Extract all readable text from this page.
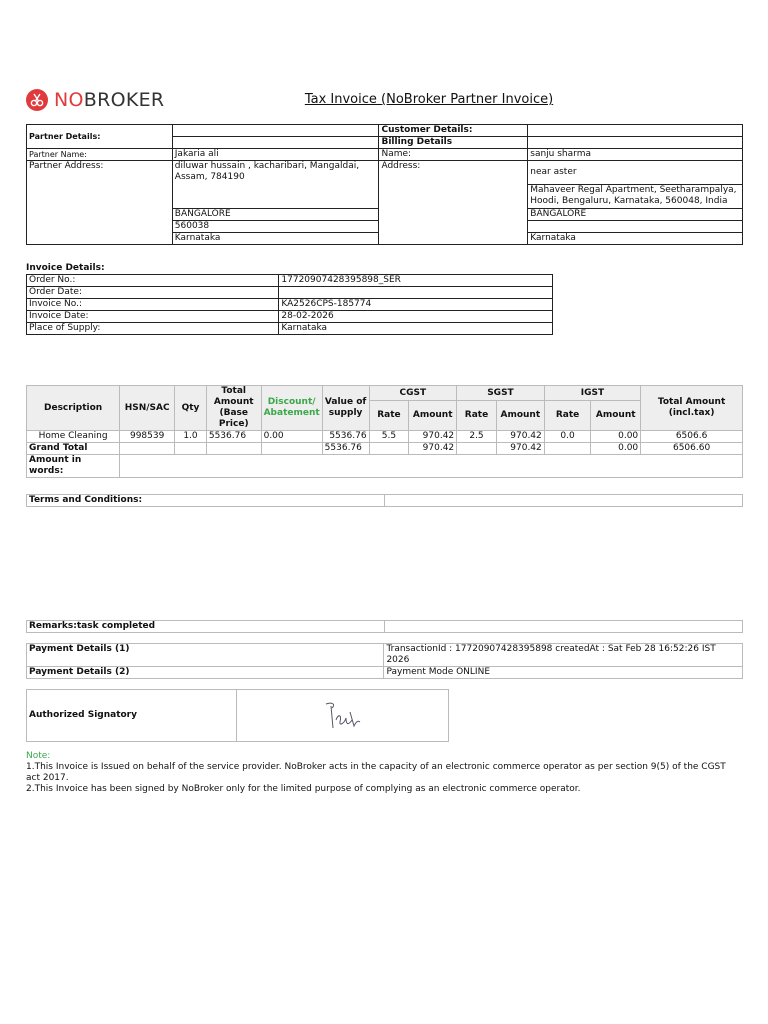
NOBROKER	Tax Invoice (NoBroker Partner Invoice)
Partner Details:		Customer Details:	
		Billing Details	
Partner Name:	Jakaria ali	Name:	sanju sharma
Partner Address:	diluwar hussain , kacharibari, Mangaldai, Assam, 784190	Address:	near aster
			Mahaveer Regal Apartment, Seetharampalya, Hoodi, Bengaluru, Karnataka, 560048, India
	BANGALORE		BANGALORE
	560038		
	Karnataka		Karnataka
Invoice Details:
Order No.:	17720907428395898_SER
Order Date:	
Invoice No.:	KA2526CPS-185774
Invoice Date:	28-02-2026
Place of Supply:	Karnataka
Description	HSN/SAC	Qty	Total Amount (Base Price)	Discount/ Abatement	Value of supply	CGST		SGST		IGST		Total Amount (incl.tax)
						Rate	Amount	Rate	Amount	Rate	Amount	
Home Cleaning	998539	1.0	5536.76	0.00	5536.76	5.5	970.42	2.5	970.42	0.0	0.00	6506.6
Grand Total					5536.76		970.42		970.42		0.00	6506.60
Amount in words:												
Terms and Conditions:	
Remarks:task completed	
Payment Details (1)	TransactionId : 17720907428395898 createdAt : Sat Feb 28 16:52:26 IST 2026
Payment Details (2)	Payment Mode ONLINE
Authorized Signatory	
Note:
1.This Invoice is Issued on behalf of the service provider. NoBroker acts in the capacity of an electronic commerce operator as per section 9(5) of the CGST act 2017.
2.This Invoice has been signed by NoBroker only for the limited purpose of complying as an electronic commerce operator.
